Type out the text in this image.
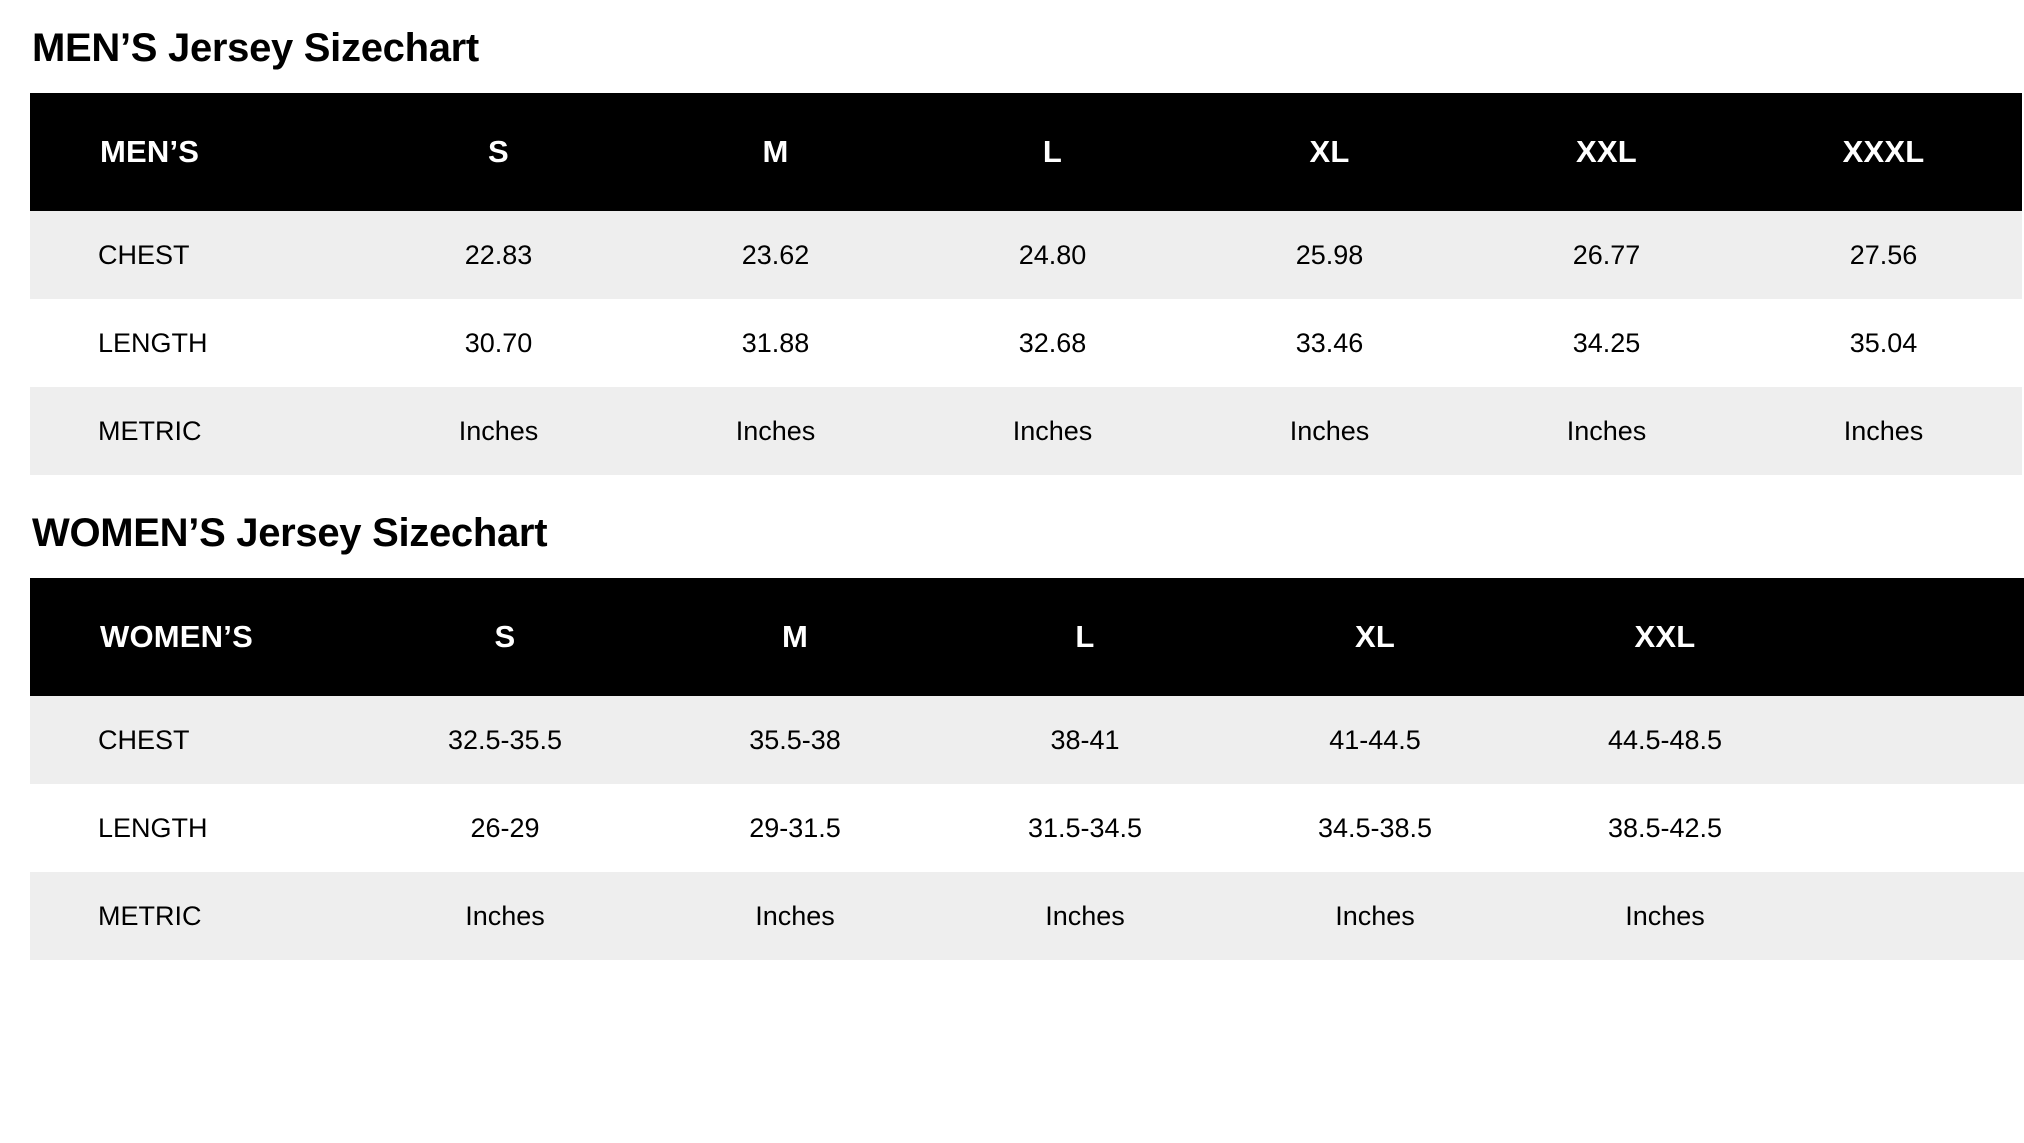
MEN’S Jersey Sizechart
MEN’S	S	M	L	XL	XXL	XXXL
CHEST	22.83	23.62	24.80	25.98	26.77	27.56
LENGTH	30.70	31.88	32.68	33.46	34.25	35.04
METRIC	Inches	Inches	Inches	Inches	Inches	Inches
WOMEN’S Jersey Sizechart
WOMEN’S	S	M	L	XL	XXL	
CHEST	32.5-35.5	35.5-38	38-41	41-44.5	44.5-48.5	
LENGTH	26-29	29-31.5	31.5-34.5	34.5-38.5	38.5-42.5	
METRIC	Inches	Inches	Inches	Inches	Inches	
